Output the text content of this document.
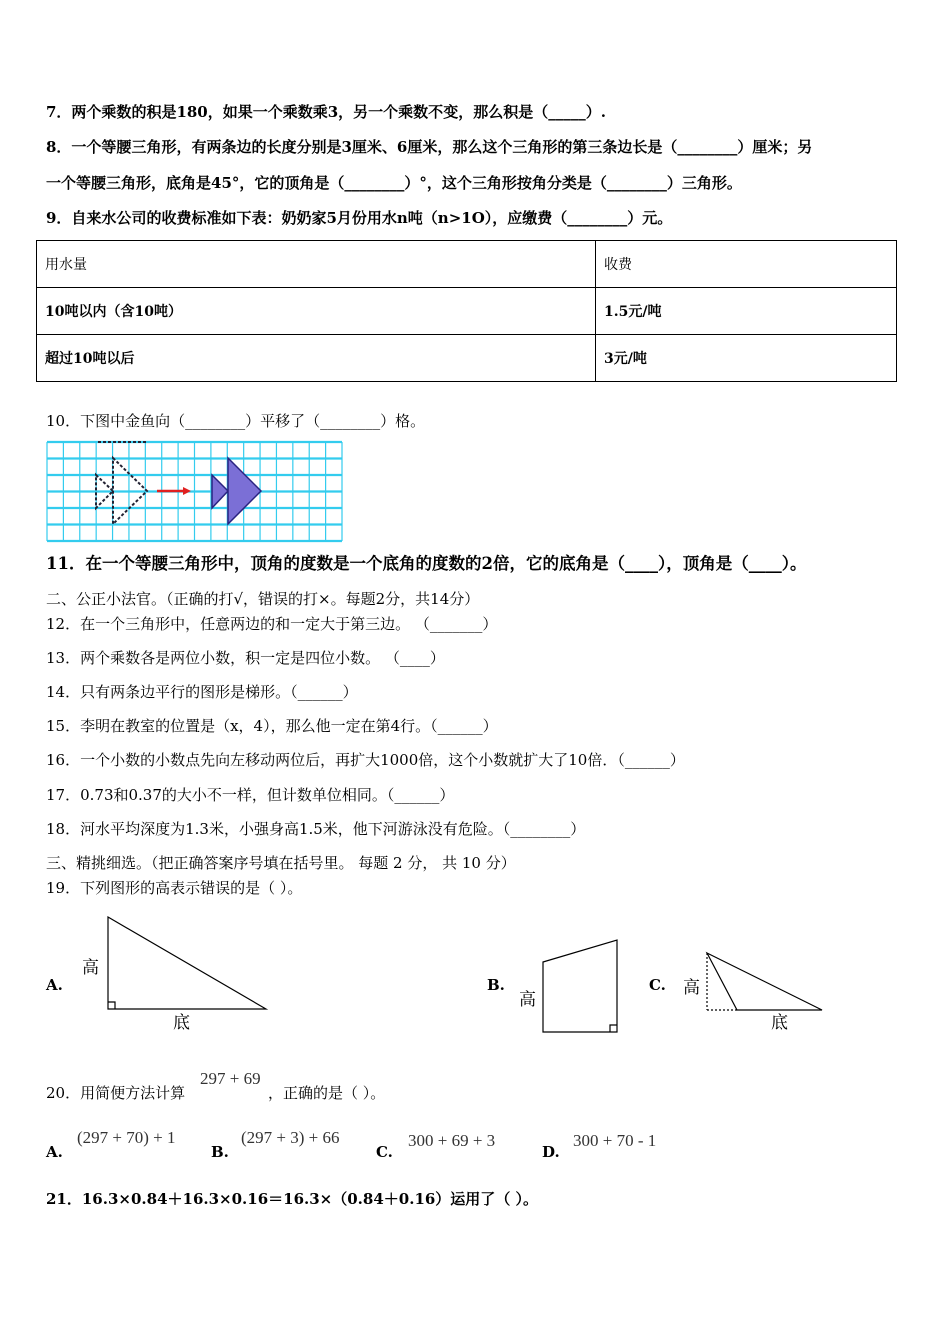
7．两个乘数的积是180，如果一个乘数乘3，另一个乘数不变，那么积是（_____）.
8．一个等腰三角形，有两条边的长度分别是3厘米、6厘米，那么这个三角形的第三条边长是（________）厘米；另
一个等腰三角形，底角是45°，它的顶角是（________）°，这个三角形按角分类是（________）三角形。
9．自来水公司的收费标准如下表：奶奶家5月份用水n吨（n>1O），应缴费（________）元。
用水量	收费
10吨以内（含10吨）	1.5元/吨
超过10吨以后	3元/吨
10．下图中金鱼向（________）平移了（________）格。
11．在一个等腰三角形中，顶角的度数是一个底角的度数的2倍，它的底角是（____），顶角是（____）。
二、公正小法官。（正确的打√，错误的打×。每题2分，共14分）
12．在一个三角形中，任意两边的和一定大于第三边。 （_______）
13．两个乘数各是两位小数，积一定是四位小数。 （____）
14．只有两条边平行的图形是梯形。（______）
15．李明在教室的位置是（x，4），那么他一定在第4行。（______）
16．一个小数的小数点先向左移动两位后，再扩大1000倍，这个小数就扩大了10倍．（______）
17．0.73和0.37的大小不一样，但计数单位相同。（______）
18．河水平均深度为1.3米，小强身高1.5米，他下河游泳没有危险。（________）
三、精挑细选。（把正确答案序号填在括号里。 每题 2 分， 共 10 分）
19．下列图形的高表示错误的是（ ）。
A.
高
底
B.
高
C. 高
底
20．用简便方法计算
297 + 69
，正确的是（ ）。
A.
(297 + 70) + 1
B.
(297 + 3) + 66
C.
300 + 69 + 3
D.
300 + 70 - 1
21．16.3×0.84＋16.3×0.16＝16.3×（0.84＋0.16）运用了（ ）。
